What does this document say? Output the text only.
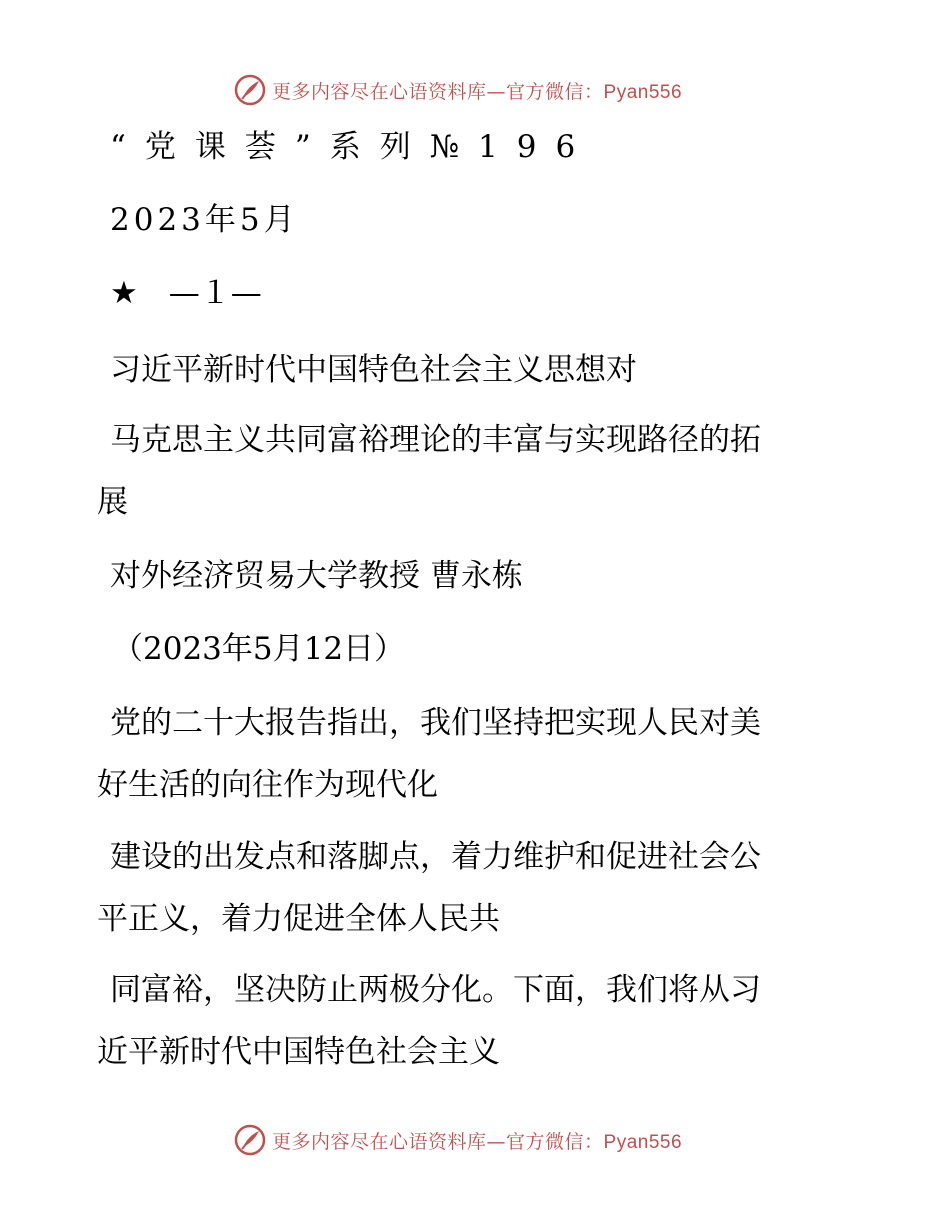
更多内容尽在心语资料库—官方微信：Pyan556
“党课荟”系列№196
2023年5月
★　—１—
习近平新时代中国特色社会主义思想对
马克思主义共同富裕理论的丰富与实现路径的拓
展
对外经济贸易大学教授 曹永栋
（2023年5月12日）
党的二十大报告指出，我们坚持把实现人民对美
好生活的向往作为现代化
建设的出发点和落脚点，着力维护和促进社会公
平正义，着力促进全体人民共
同富裕，坚决防止两极分化。下面，我们将从习
近平新时代中国特色社会主义
更多内容尽在心语资料库—官方微信：Pyan556
